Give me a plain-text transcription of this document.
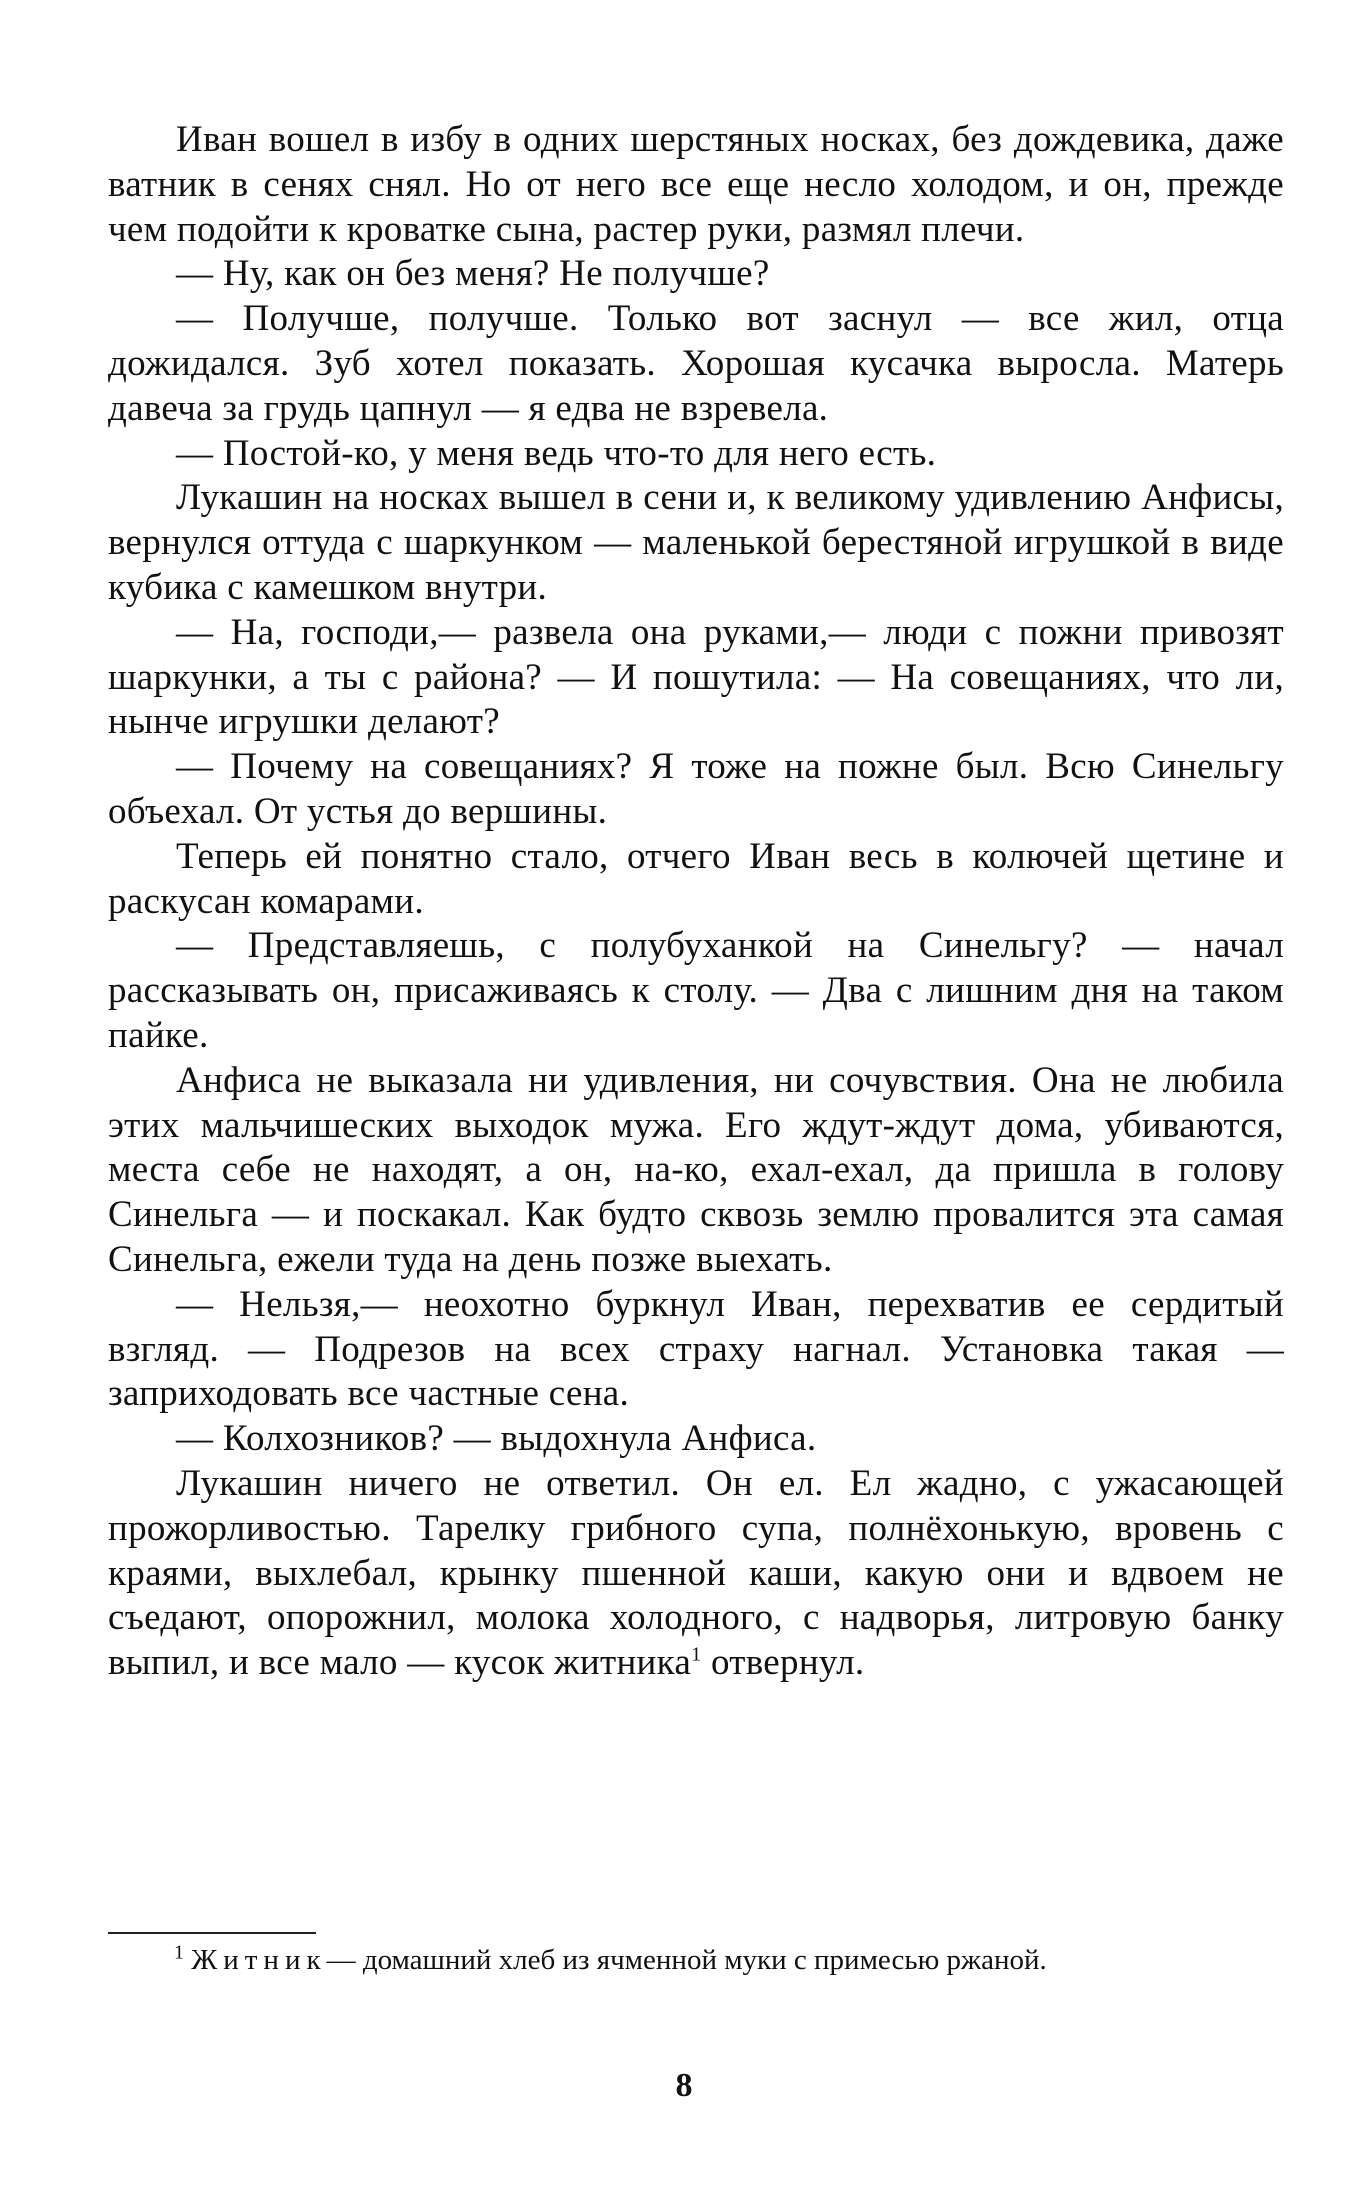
Иван вошел в избу в одних шерстяных носках, без дождевика, даже ватник в сенях снял. Но от него все еще несло холодом, и он, прежде чем подойти к кроватке сына, растер руки, размял плечи.

— Ну, как он без меня? Не получше?

— Получше, получше. Только вот заснул — все жил, отца дожидался. Зуб хотел показать. Хорошая кусачка выросла. Матерь давеча за грудь цапнул — я едва не взревела.

— Постой-ко, у меня ведь что-то для него есть.

Лукашин на носках вышел в сени и, к великому удивлению Анфисы, вернулся оттуда с шаркунком — маленькой берестяной игрушкой в виде кубика с камешком внутри.

— На, господи,— развела она руками,— люди с пожни привозят шаркунки, а ты с района? — И пошутила: — На совещаниях, что ли, нынче игрушки делают?

— Почему на совещаниях? Я тоже на пожне был. Всю Синельгу объехал. От устья до вершины.

Теперь ей понятно стало, отчего Иван весь в колючей щетине и раскусан комарами.

— Представляешь, с полубуханкой на Синельгу? — начал рассказывать он, присаживаясь к столу. — Два с лишним дня на таком пайке.

Анфиса не выказала ни удивления, ни сочувствия. Она не любила этих мальчишеских выходок мужа. Его ждут-ждут дома, убиваются, места себе не находят, а он, на-ко, ехал-ехал, да пришла в голову Синельга — и поскакал. Как будто сквозь землю провалится эта самая Синельга, ежели туда на день позже выехать.

— Нельзя,— неохотно буркнул Иван, перехватив ее сердитый взгляд. — Подрезов на всех страху нагнал. Установка такая — заприходовать все частные сена.

— Колхозников? — выдохнула Анфиса.

Лукашин ничего не ответил. Он ел. Ел жадно, с ужасающей прожорливостью. Тарелку грибного супа, полнёхонькую, вровень с краями, выхлебал, крынку пшенной каши, какую они и вдвоем не съедают, опорожнил, молока холодного, с надворья, литровую банку выпил, и все мало — кусок житника$^1$ отвернул.

$^1$ Житник— домашний хлеб из ячменной муки с примесью ржаной.

8
